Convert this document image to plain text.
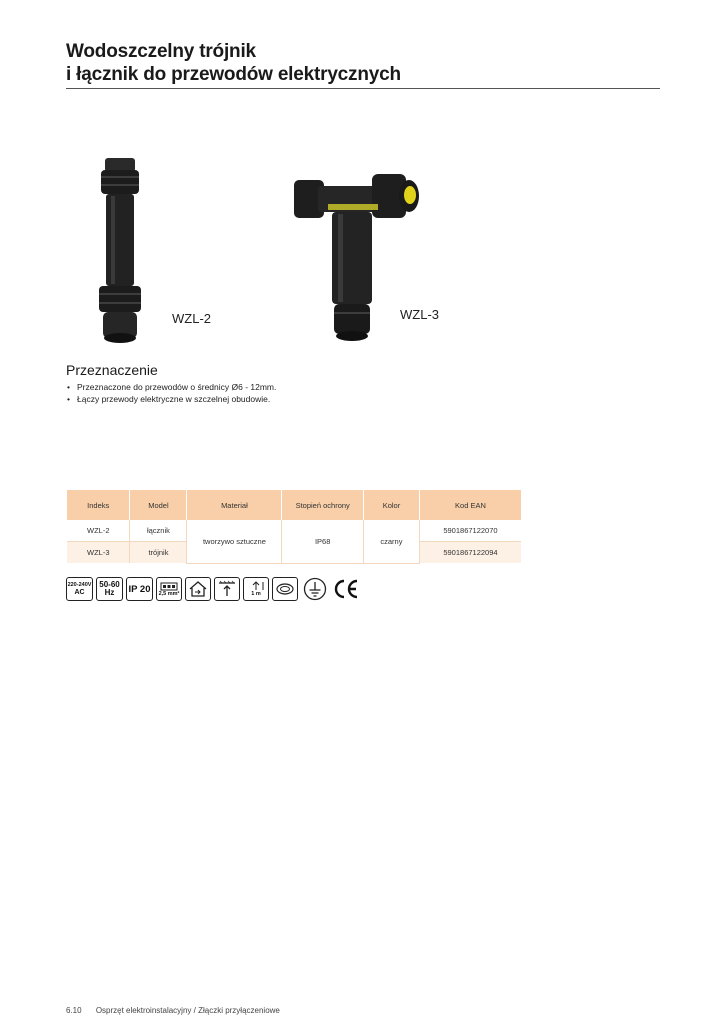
Wodoszczelny trójnik
i łącznik do przewodów elektrycznych
WZL-2	WZL-3
Przeznaczenie
• Przeznaczone do przewodów o średnicy Ø6 - 12mm.
• Łączy przewody elektryczne w szczelnej obudowie.
Indeks	Model	Materiał	Stopień ochrony	Kolor	Kod EAN
WZL-2	łącznik	tworzywo sztuczne	IP68	czarny	5901867122070
WZL-3	trójnik				5901867122094
220-240V
AC
50-60
Hz IP 20 2,5 mm²	1 m
6.10 Osprzęt elektroinstalacyjny / Złączki przyłączeniowe
